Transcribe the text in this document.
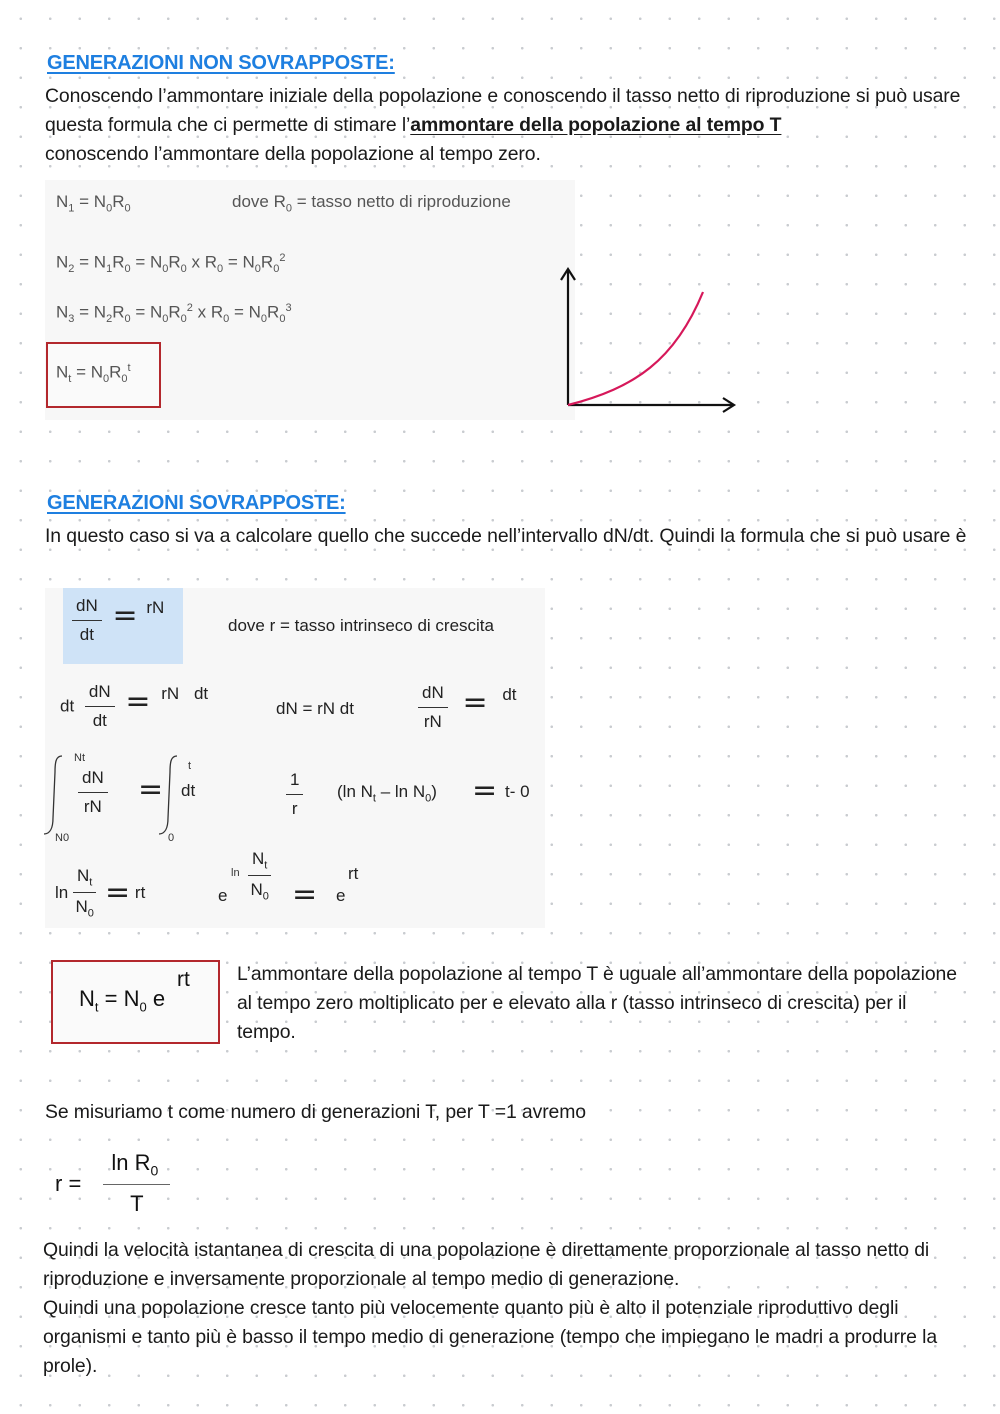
GENERAZIONI NON SOVRAPPOSTE:
Conoscendo l’ammontare iniziale della popolazione e conoscendo il tasso netto di riproduzione si può usare questa formula che ci permette di stimare l’ammontare della popolazione al tempo T
conoscendo l’ammontare della popolazione al tempo zero.
$N_1 = N_0R_0$	dove $R_0$ = tasso netto di riproduzione
$N_2 = N_1R_0 = N_0R_0$ x $R_0 = N_0R_0^2$
$N_3 = N_2R_0 = N_0R_0^2$ x $R_0 = N_0R_0^3$
$N_t = N_0R_0^t$
GENERAZIONI SOVRAPPOSTE:
In questo caso si va a calcolare quello che succede nell’intervallo dN/dt. Quindi la formula che si può usare è
$\frac{dN}{dt}$ = rN
dove r = tasso intrinseco di crescita
dt $\frac{dN}{dt}$ = rN dt
dN = rN dt	$\frac{dN}{rN}$ = dt
Nt
N0
$\frac{dN}{rN}$ =
t
0
dt	$\frac{1}{r} (\ln$ $N_t - \ln N_0) = t-$ 0
$\ln \frac{N_t}{N_0}$ = rt	e
$\ln \frac{N_t}{N_0} = e$
rt
$N_t = N_0$ e
rt L’ammontare della popolazione al tempo T è uguale all’ammontare della popolazione al tempo zero moltiplicato per e elevato alla r (tasso intrinseco di crescita) per il tempo.
Se misuriamo t come numero di generazioni T, per T =1 avremo
$r = \frac{\ln R_0}{T}$
Quindi la velocità istantanea di crescita di una popolazione è direttamente proporzionale al tasso netto di riproduzione e inversamente proporzionale al tempo medio di generazione.
Quindi una popolazione cresce tanto più velocemente quanto più è alto il potenziale riproduttivo degli organismi e tanto più è basso il tempo medio di generazione (tempo che impiegano le madri a produrre la prole).
